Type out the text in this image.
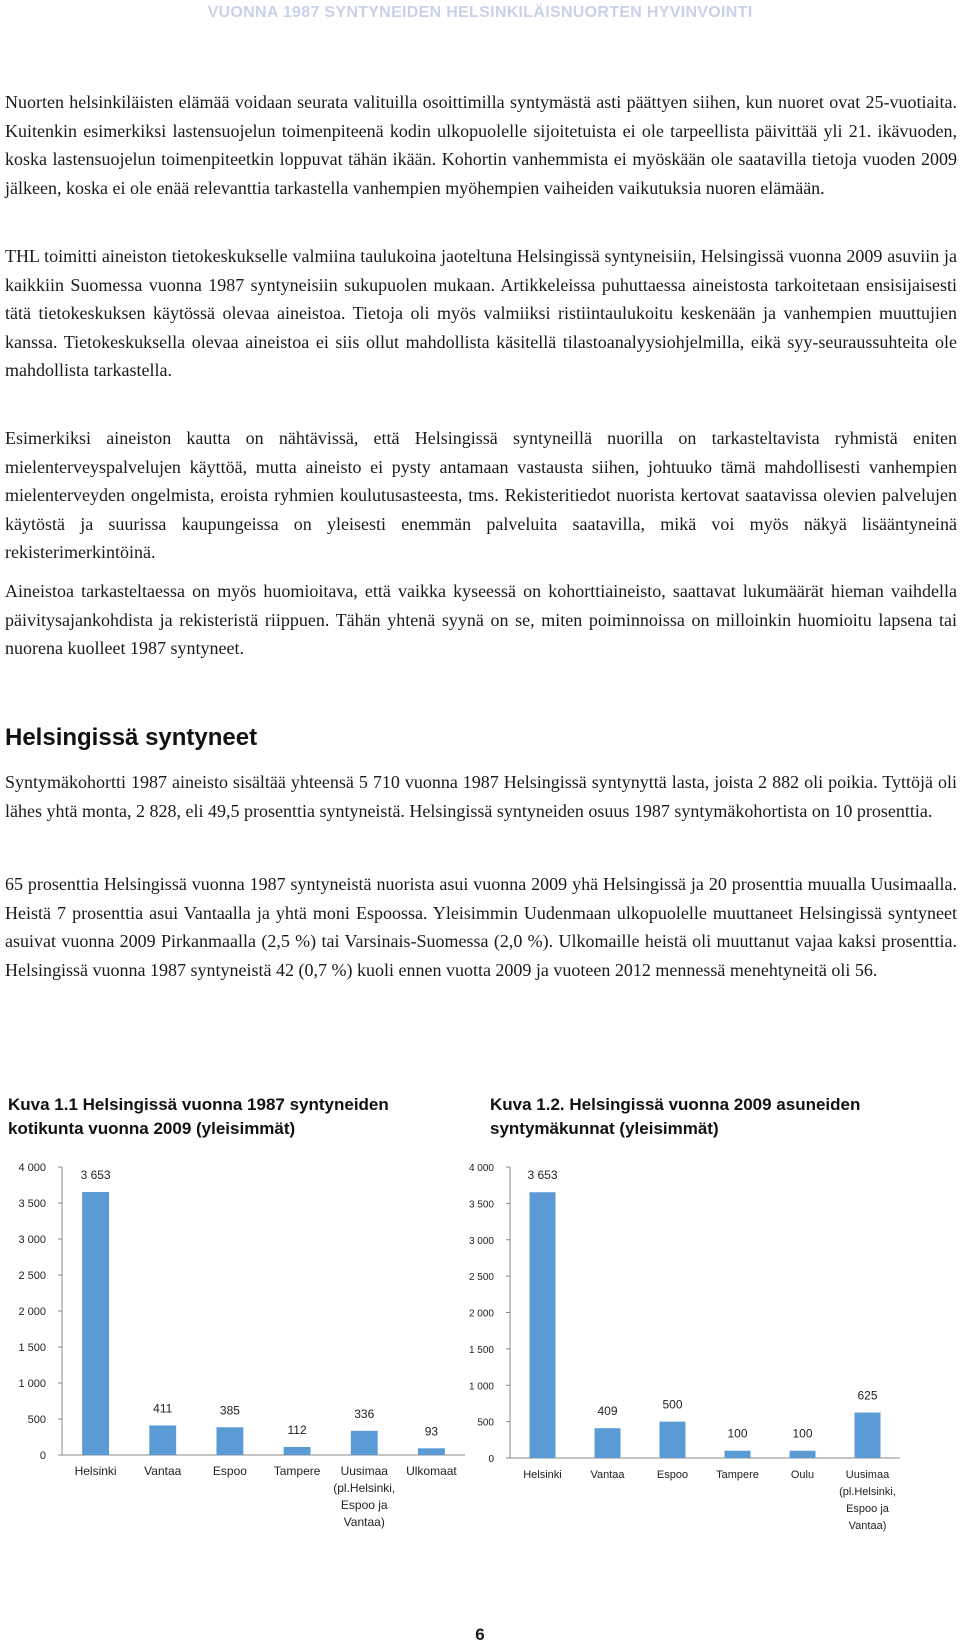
VUONNA 1987 SYNTYNEIDEN HELSINKILÄISNUORTEN HYVINVOINTI

Nuorten helsinkiläisten elämää voidaan seurata valituilla osoittimilla syntymästä asti päättyen siihen, kun nuoret ovat 25-vuotiaita. Kuitenkin esimerkiksi lastensuojelun toimenpiteenä kodin ulkopuolelle sijoitetuista ei ole tarpeellista päivittää yli 21. ikävuoden, koska lastensuojelun toimenpiteetkin loppuvat tähän ikään. Kohortin vanhemmista ei myöskään ole saatavilla tietoja vuoden 2009 jälkeen, koska ei ole enää relevanttia tarkastella vanhempien myöhempien vaiheiden vaikutuksia nuoren elämään.

THL toimitti aineiston tietokeskukselle valmiina taulukoina jaoteltuna Helsingissä syntyneisiin, Helsingissä vuonna 2009 asuviin ja kaikkiin Suomessa vuonna 1987 syntyneisiin sukupuolen mukaan. Artikkeleissa puhuttaessa aineistosta tarkoitetaan ensisijaisesti tätä tietokeskuksen käytössä olevaa aineistoa. Tietoja oli myös valmiiksi ristiintaulukoitu keskenään ja vanhempien muuttujien kanssa. Tietokeskuksella olevaa aineistoa ei siis ollut mahdollista käsitellä tilastoanalyysiohjelmilla, eikä syy-seuraussuhteita ole mahdollista tarkastella.

Esimerkiksi aineiston kautta on nähtävissä, että Helsingissä syntyneillä nuorilla on tarkasteltavista ryhmistä eniten mielenterveyspalvelujen käyttöä, mutta aineisto ei pysty antamaan vastausta siihen, johtuuko tämä mahdollisesti vanhempien mielenterveyden ongelmista, eroista ryhmien koulutusasteesta, tms. Rekisteritiedot nuorista kertovat saatavissa olevien palvelujen käytöstä ja suurissa kaupungeissa on yleisesti enemmän palveluita saatavilla, mikä voi myös näkyä lisääntyneinä rekisterimerkintöinä.

Aineistoa tarkasteltaessa on myös huomioitava, että vaikka kyseessä on kohorttiaineisto, saattavat lukumäärät hieman vaihdella päivitysajankohdista ja rekisteristä riippuen. Tähän yhtenä syynä on se, miten poiminnoissa on milloinkin huomioitu lapsena tai nuorena kuolleet 1987 syntyneet.

Helsingissä syntyneet

Syntymäkohortti 1987 aineisto sisältää yhteensä 5 710 vuonna 1987 Helsingissä syntynyttä lasta, joista 2 882 oli poikia. Tyttöjä oli lähes yhtä monta, 2 828, eli 49,5 prosenttia syntyneistä. Helsingissä syntyneiden osuus 1987 syntymäkohortista on 10 prosenttia.

65 prosenttia Helsingissä vuonna 1987 syntyneistä nuorista asui vuonna 2009 yhä Helsingissä ja 20 prosenttia muualla Uusimaalla. Heistä 7 prosenttia asui Vantaalla ja yhtä moni Espoossa. Yleisimmin Uudenmaan ulkopuolelle muuttaneet Helsingissä syntyneet asuivat vuonna 2009 Pirkanmaalla (2,5 %) tai Varsinais-Suomessa (2,0 %). Ulkomaille heistä oli muuttanut vajaa kaksi prosenttia. Helsingissä vuonna 1987 syntyneistä 42 (0,7 %) kuoli ennen vuotta 2009 ja vuoteen 2012 mennessä menehtyneitä oli 56.

Kuva 1.1 Helsingissä vuonna 1987 syntyneiden kotikunta vuonna 2009 (yleisimmät)

Kuva 1.2. Helsingissä vuonna 2009 asuneiden syntymäkunnat (yleisimmät)

0
500
1 000
1 500
2 000
2 500
3 000
3 500
4 000	3 653
Helsinki
411
Vantaa
385
Espoo
112
Tampere
336
Uusimaa
(pl.Helsinki,
Espoo ja
Vantaa)
93
Ulkomaat
0
500
1 000
1 500
2 000
2 500
3 000
3 500
4 000	3 653
Helsinki
409
Vantaa
500
Espoo
100
Tampere
100
Oulu
625
Uusimaa
(pl.Helsinki,
Espoo ja
Vantaa)
6
